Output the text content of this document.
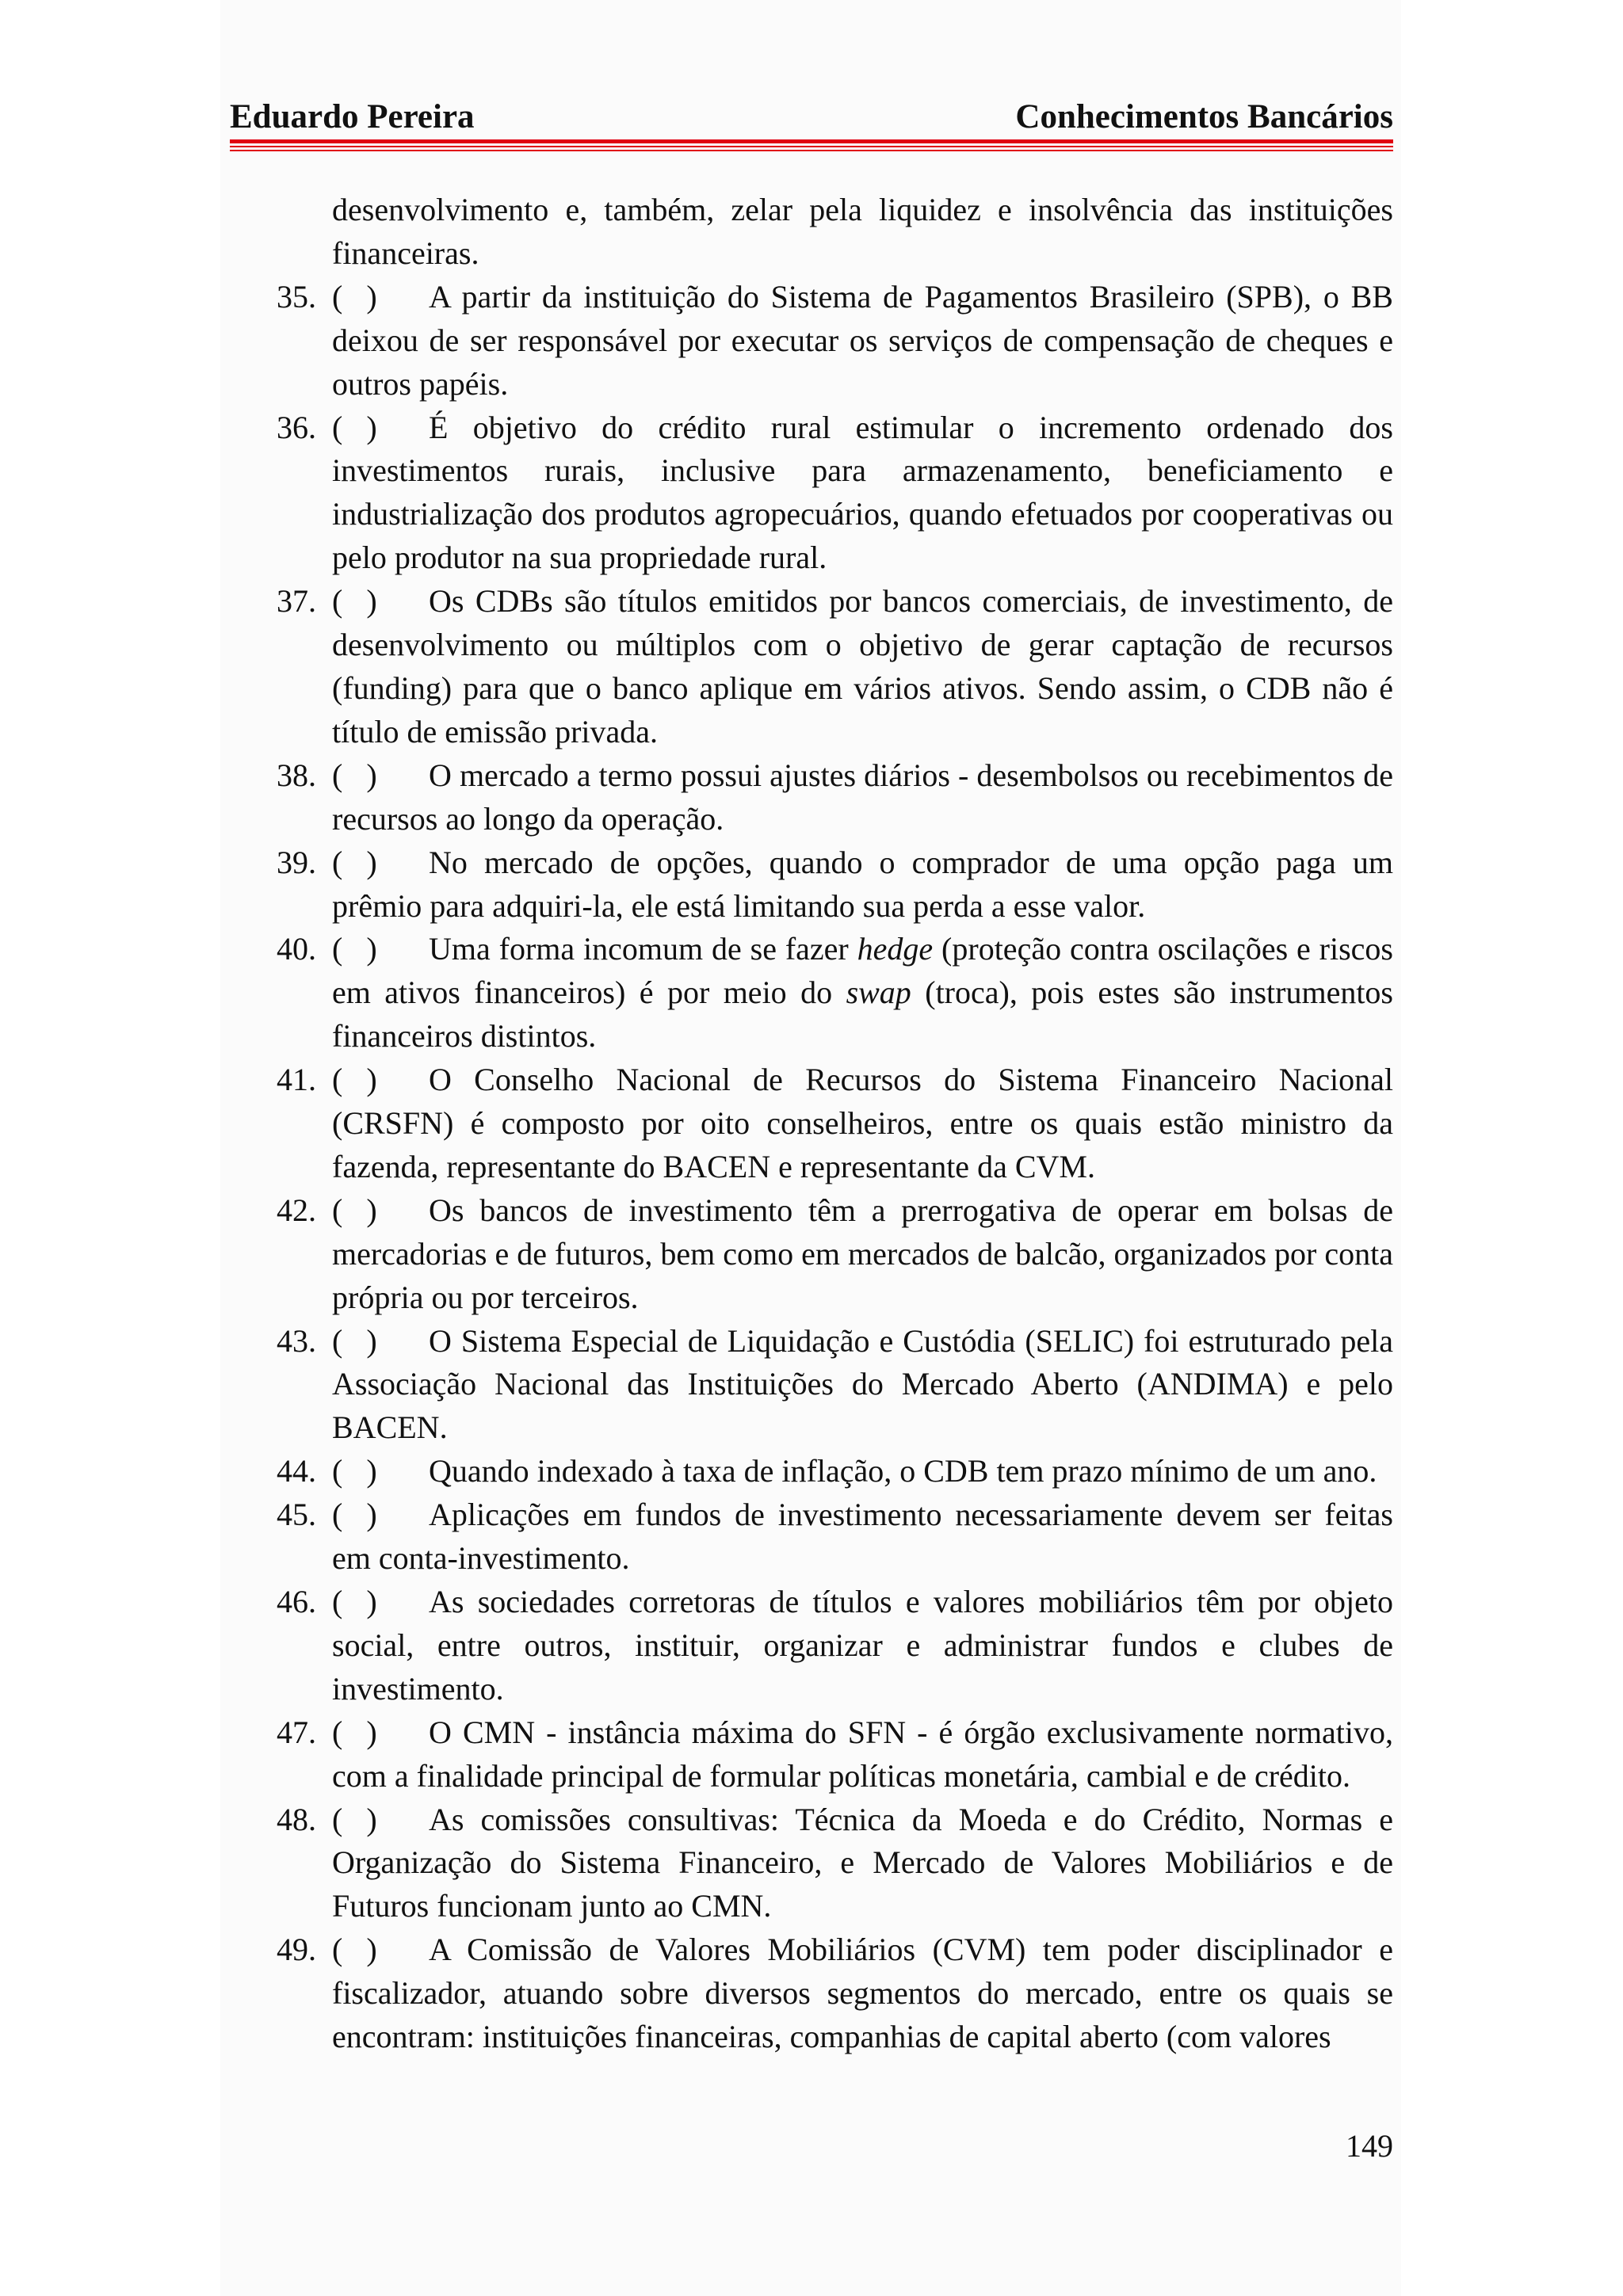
Eduardo Pereira	Conhecimentos Bancários
desenvolvimento e, também, zelar pela liquidez e insolvência das instituições financeiras.
35. (   )	A partir da instituição do Sistema de Pagamentos Brasileiro (SPB), o BB deixou de ser responsável por executar os serviços de compensação de cheques e outros papéis.
36. (   )	É objetivo do crédito rural estimular o incremento ordenado dos investimentos rurais, inclusive para armazenamento, beneficiamento e industrialização dos produtos agropecuários, quando efetuados por cooperativas ou pelo produtor na sua propriedade rural.
37. (   )	Os CDBs são títulos emitidos por bancos comerciais, de investimento, de desenvolvimento ou múltiplos com o objetivo de gerar captação de recursos (funding) para que o banco aplique em vários ativos. Sendo assim, o CDB não é título de emissão privada.
38. (   )	O mercado a termo possui ajustes diários - desembolsos ou recebimentos de recursos ao longo da operação.
39. (   )	No mercado de opções, quando o comprador de uma opção paga um prêmio para adquiri-la, ele está limitando sua perda a esse valor.
40. (   )	Uma forma incomum de se fazer hedge (proteção contra oscilações e riscos em ativos financeiros) é por meio do swap (troca), pois estes são instrumentos financeiros distintos.
41. (   )	O Conselho Nacional de Recursos do Sistema Financeiro Nacional (CRSFN) é composto por oito conselheiros, entre os quais estão ministro da fazenda, representante do BACEN e representante da CVM.
42. (   )	Os bancos de investimento têm a prerrogativa de operar em bolsas de mercadorias e de futuros, bem como em mercados de balcão, organizados por conta própria ou por terceiros.
43. (   )	O Sistema Especial de Liquidação e Custódia (SELIC) foi estruturado pela Associação Nacional das Instituições do Mercado Aberto (ANDIMA) e pelo BACEN.
44. (   )	Quando indexado à taxa de inflação, o CDB tem prazo mínimo de um ano.
45. (   )	Aplicações em fundos de investimento necessariamente devem ser feitas em conta-investimento.
46. (   )	As sociedades corretoras de títulos e valores mobiliários têm por objeto social, entre outros, instituir, organizar e administrar fundos e clubes de investimento.
47. (   )	O CMN - instância máxima do SFN - é órgão exclusivamente normativo, com a finalidade principal de formular políticas monetária, cambial e de crédito.
48. (   )	As comissões consultivas: Técnica da Moeda e do Crédito, Normas e Organização do Sistema Financeiro, e Mercado de Valores Mobiliários e de Futuros funcionam junto ao CMN.
49. (   )	A Comissão de Valores Mobiliários (CVM) tem poder disciplinador e fiscalizador, atuando sobre diversos segmentos do mercado, entre os quais se encontram: instituições financeiras, companhias de capital aberto (com valores
149
